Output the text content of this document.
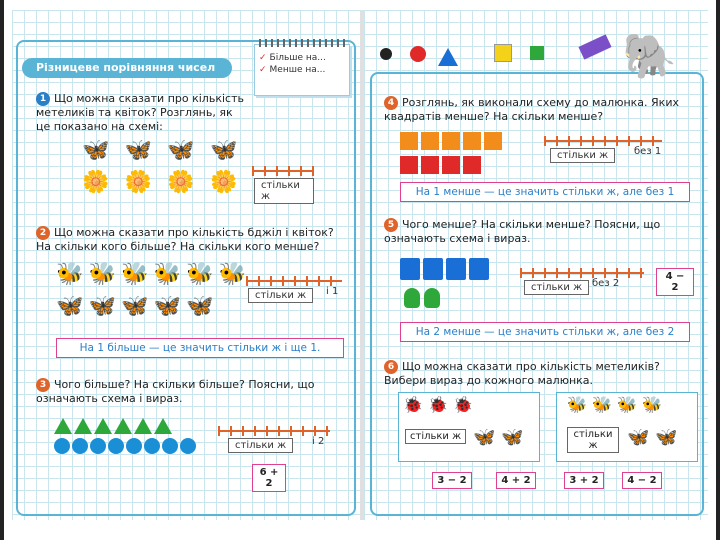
Різницеве порівняння чисел
✓ Більше на...
✓ Менше на...
1 Що можна сказати про кількість метеликів та квіток? Розглянь, як це показано на схемі:
🦋 🦋 🦋 🦋
🌼 🌼 🌼 🌼	стільки ж
2 Що можна сказати про кількість бджіл і квіток? На скільки кого більше? На скільки кого менше?
🐝 🐝 🐝 🐝 🐝 🐝
🦋 🦋 🦋 🦋 🦋	стільки ж	і 1
На 1 більше — це значить стільки ж і ще 1.
3 Чого більше? На скільки більше? Поясни, що означають схема і вираз.
стільки ж	і 2
6 + 2
🐘
4 Розглянь, як виконали схему до малюнка. Яких квадратів менше? На скільки менше?
стільки ж	без 1
На 1 менше — це значить стільки ж, але без 1
5 Чого менше? На скільки менше? Поясни, що означають схема і вираз.
стільки ж без 2
4 − 2
На 2 менше — це значить стільки ж, але без 2
6 Що можна сказати про кількість метеликів? Вибери вираз до кожного малюнка.
🐞 🐞 🐞
стільки ж 🦋 🦋
🐝 🐝 🐝 🐝
стільки ж	🦋 🦋
3 − 2	4 + 2	3 + 2	4 − 2
